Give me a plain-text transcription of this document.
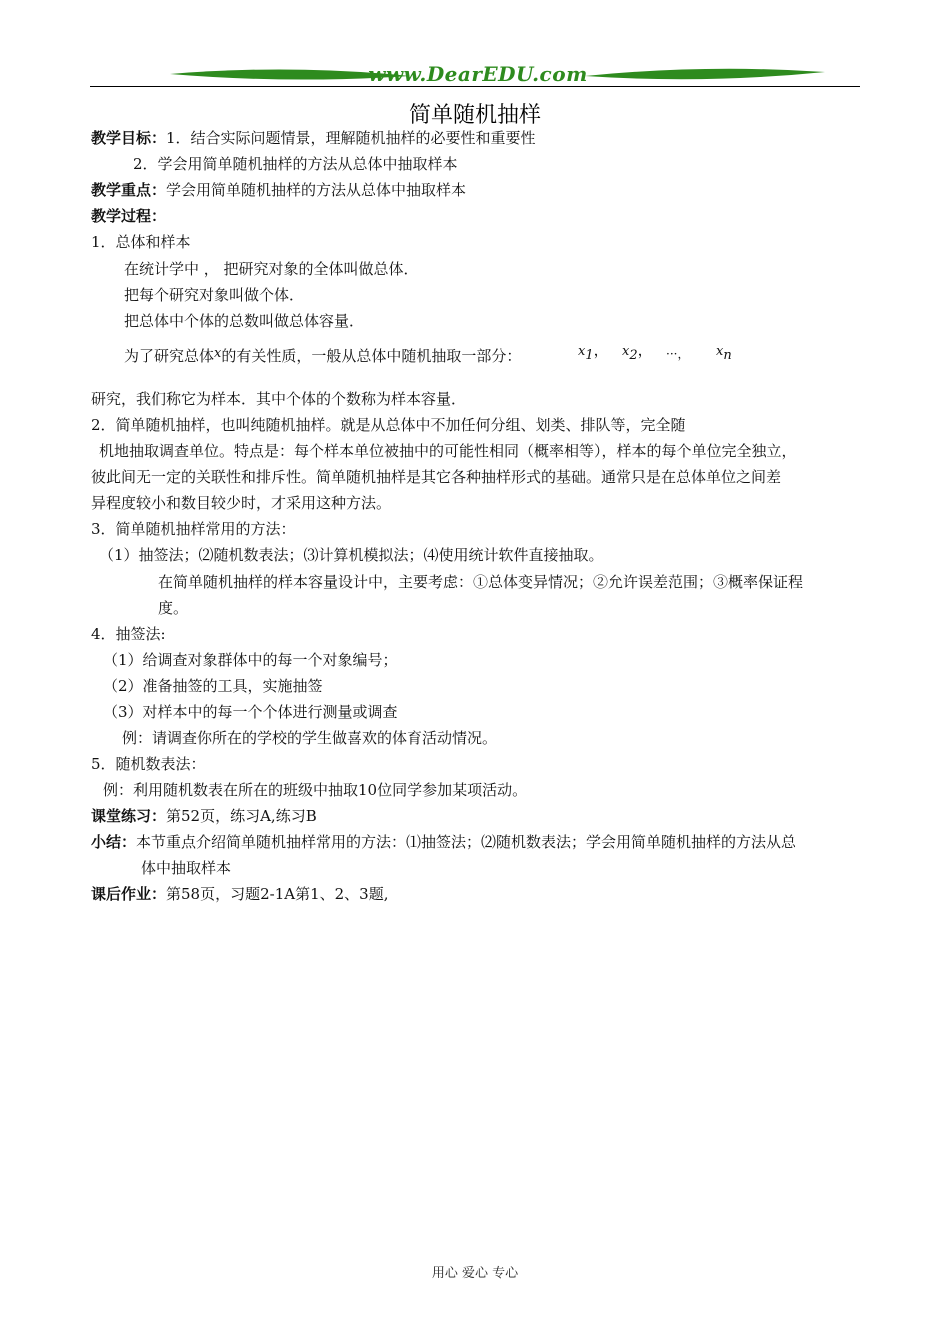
www.DearEDU.com
简单随机抽样
教学目标：1．结合实际问题情景，理解随机抽样的必要性和重要性
2．学会用简单随机抽样的方法从总体中抽取样本
教学重点：学会用简单随机抽样的方法从总体中抽取样本
教学过程：
1．总体和样本
在统计学中 ， 把研究对象的全体叫做总体．
把每个研究对象叫做个体．
把总体中个体的总数叫做总体容量．
为了研究总体x的有关性质，一般从总体中随机抽取一部分：	$x_1$， $x_2$， ···， $x_n$
研究，我们称它为样本．其中个体的个数称为样本容量．
2．简单随机抽样，也叫纯随机抽样。就是从总体中不加任何分组、划类、排队等，完全随
机地抽取调查单位。特点是：每个样本单位被抽中的可能性相同（概率相等），样本的每个单位完全独立，
彼此间无一定的关联性和排斥性。简单随机抽样是其它各种抽样形式的基础。通常只是在总体单位之间差
异程度较小和数目较少时，才采用这种方法。
3．简单随机抽样常用的方法：
（1）抽签法；⑵随机数表法；⑶计算机模拟法；⑷使用统计软件直接抽取。
在简单随机抽样的样本容量设计中，主要考虑：①总体变异情况；②允许误差范围；③概率保证程
度。
4．抽签法:
（1）给调查对象群体中的每一个对象编号；
（2）准备抽签的工具，实施抽签
（3）对样本中的每一个个体进行测量或调查
例：请调查你所在的学校的学生做喜欢的体育活动情况。
5．随机数表法：
例：利用随机数表在所在的班级中抽取10位同学参加某项活动。
课堂练习：第52页，练习A,练习B
小结：本节重点介绍简单随机抽样常用的方法：⑴抽签法；⑵随机数表法；学会用简单随机抽样的方法从总
体中抽取样本
课后作业：第58页，习题2-1A第1、2、3题,
用心 爱心 专心
